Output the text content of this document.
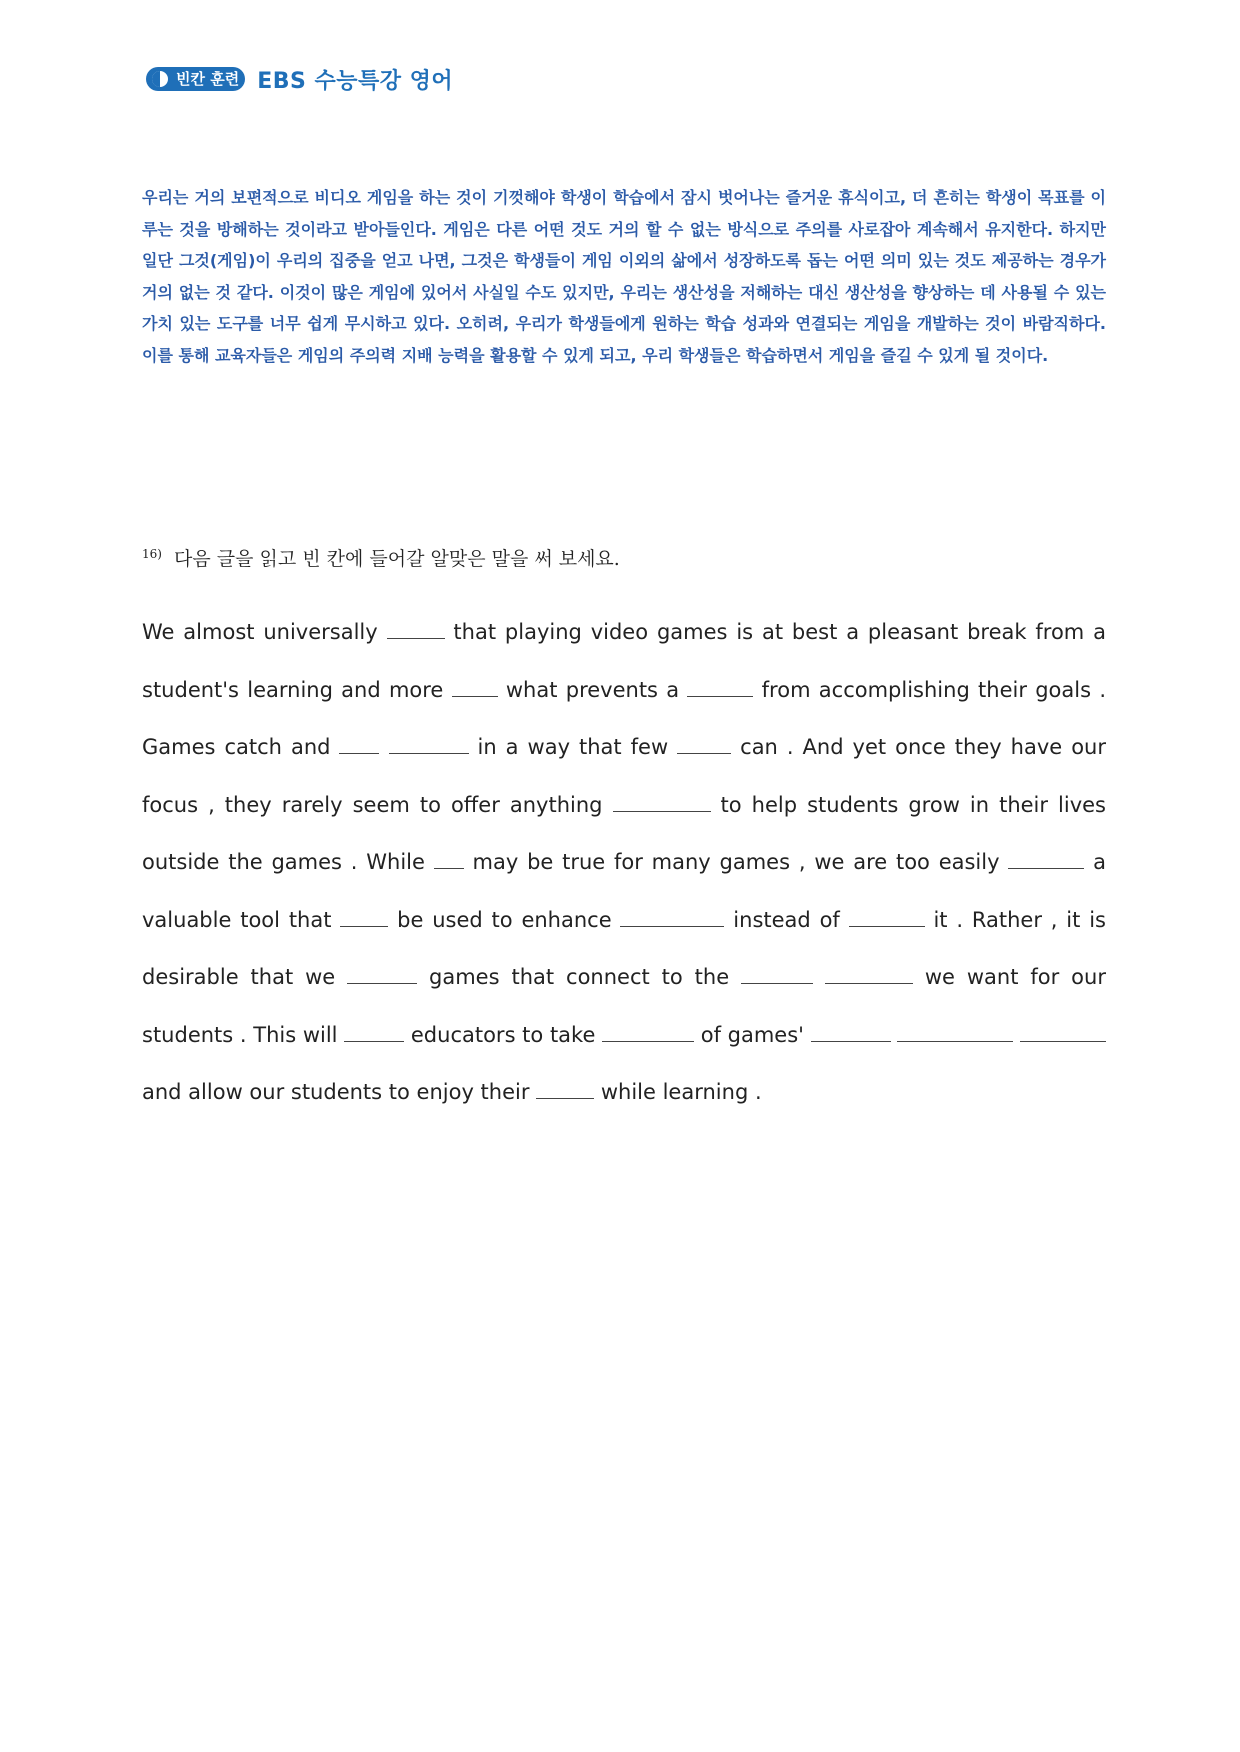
빈칸 훈련 EBS 수능특강 영어

우리는 거의 보편적으로 비디오 게임을 하는 것이 기껏해야 학생이 학습에서 잠시 벗어나는 즐거운 휴식이고, 더 흔히는 학생이 목표를 이루는 것을 방해하는 것이라고 받아들인다. 게임은 다른 어떤 것도 거의 할 수 없는 방식으로 주의를 사로잡아 계속해서 유지한다. 하지만 일단 그것(게임)이 우리의 집중을 얻고 나면, 그것은 학생들이 게임 이외의 삶에서 성장하도록 돕는 어떤 의미 있는 것도 제공하는 경우가 거의 없는 것 같다. 이것이 많은 게임에 있어서 사실일 수도 있지만, 우리는 생산성을 저해하는 대신 생산성을 향상하는 데 사용될 수 있는 가치 있는 도구를 너무 쉽게 무시하고 있다. 오히려, 우리가 학생들에게 원하는 학습 성과와 연결되는 게임을 개발하는 것이 바람직하다. 이를 통해 교육자들은 게임의 주의력 지배 능력을 활용할 수 있게 되고, 우리 학생들은 학습하면서 게임을 즐길 수 있게 될 것이다.

$^{16)}$ 다음 글을 읽고 빈 칸에 들어갈 알맞은 말을 써 보세요.

We almost universally	that playing video games is at best a pleasant break from a student's learning and more  what prevents a	from accomplishing their goals . Games catch and	in a way that few	can . And yet once they have our focus , they rarely seem to offer anything	to help students grow in their lives outside the games . While  may be true for many games , we are too easily	a valuable tool that  be used to enhance	instead of	it . Rather , it is desirable that we	games that connect to the	we want for our students . This will	educators to take	of games'    and allow our students to enjoy their	while learning .
